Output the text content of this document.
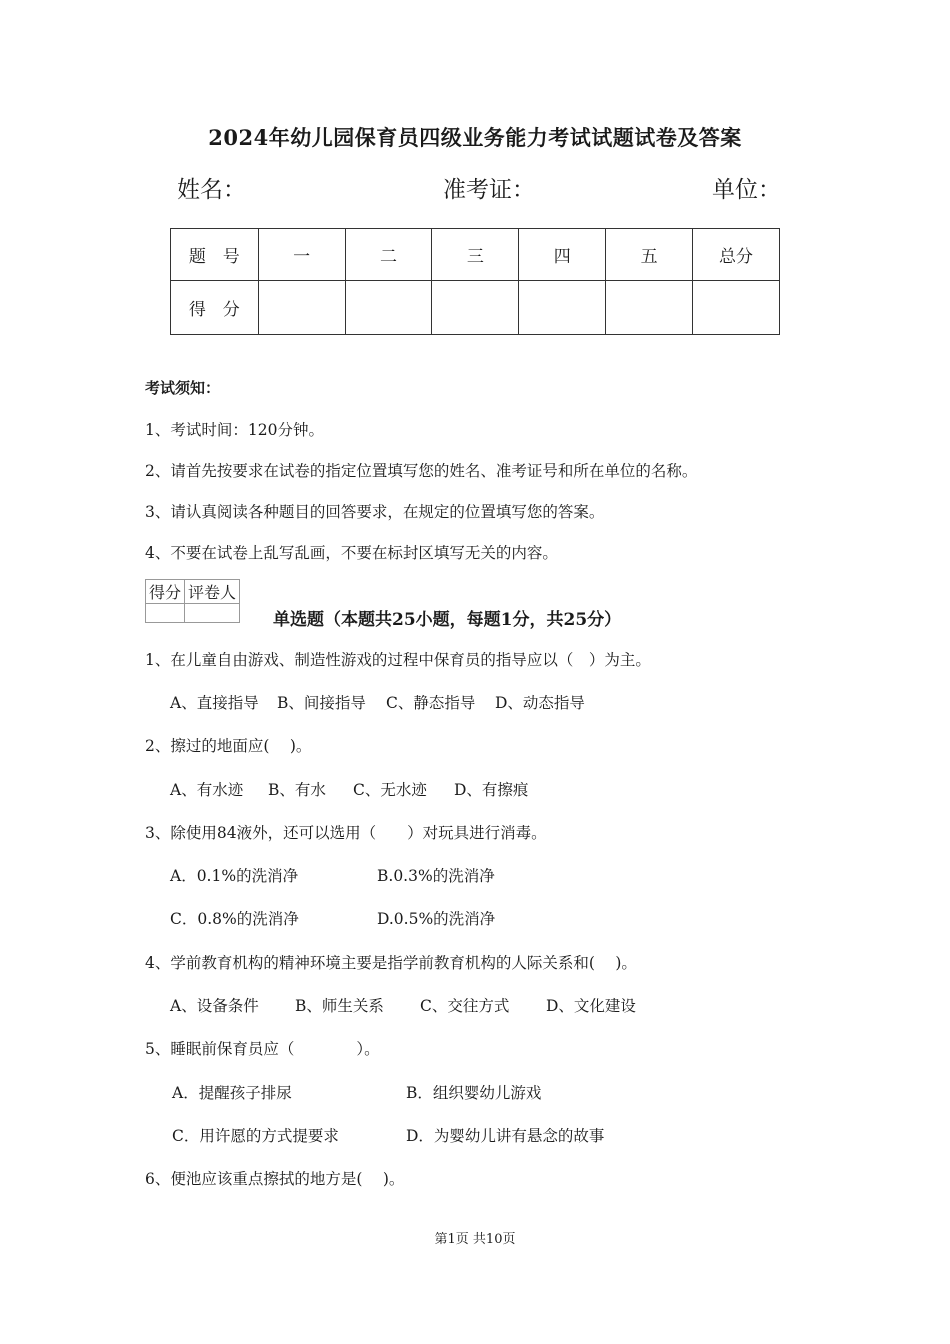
2024年幼儿园保育员四级业务能力考试试题试卷及答案
姓名：	准考证：	单位：
题　号	一	二	三	四	五	总分
得　分						
考试须知：
1、考试时间：120分钟。
2、请首先按要求在试卷的指定位置填写您的姓名、准考证号和所在单位的名称。
3、请认真阅读各种题目的回答要求，在规定的位置填写您的答案。
4、不要在试卷上乱写乱画，不要在标封区填写无关的内容。
得分	评卷人

单选题（本题共25小题，每题1分，共25分）
1、在儿童自由游戏、制造性游戏的过程中保育员的指导应以（　）为主。
A、直接指导 B、间接指导 C、静态指导 D、动态指导
2、擦过的地面应(　 )。
A、有水迹 B、有水 C、无水迹 D、有擦痕
3、除使用84液外，还可以选用（　　）对玩具进行消毒。
A．0.1%的洗消净	B.0.3%的洗消净
C．0.8%的洗消净	D.0.5%的洗消净
4、学前教育机构的精神环境主要是指学前教育机构的人际关系和(　 )。
A、设备条件 B、师生关系 C、交往方式 D、文化建设
5、睡眠前保育员应（　　　　）。
A．提醒孩子排尿	B．组织婴幼儿游戏
C．用许愿的方式提要求	D．为婴幼儿讲有悬念的故事
6、便池应该重点擦拭的地方是(　 )。
第1页 共10页
